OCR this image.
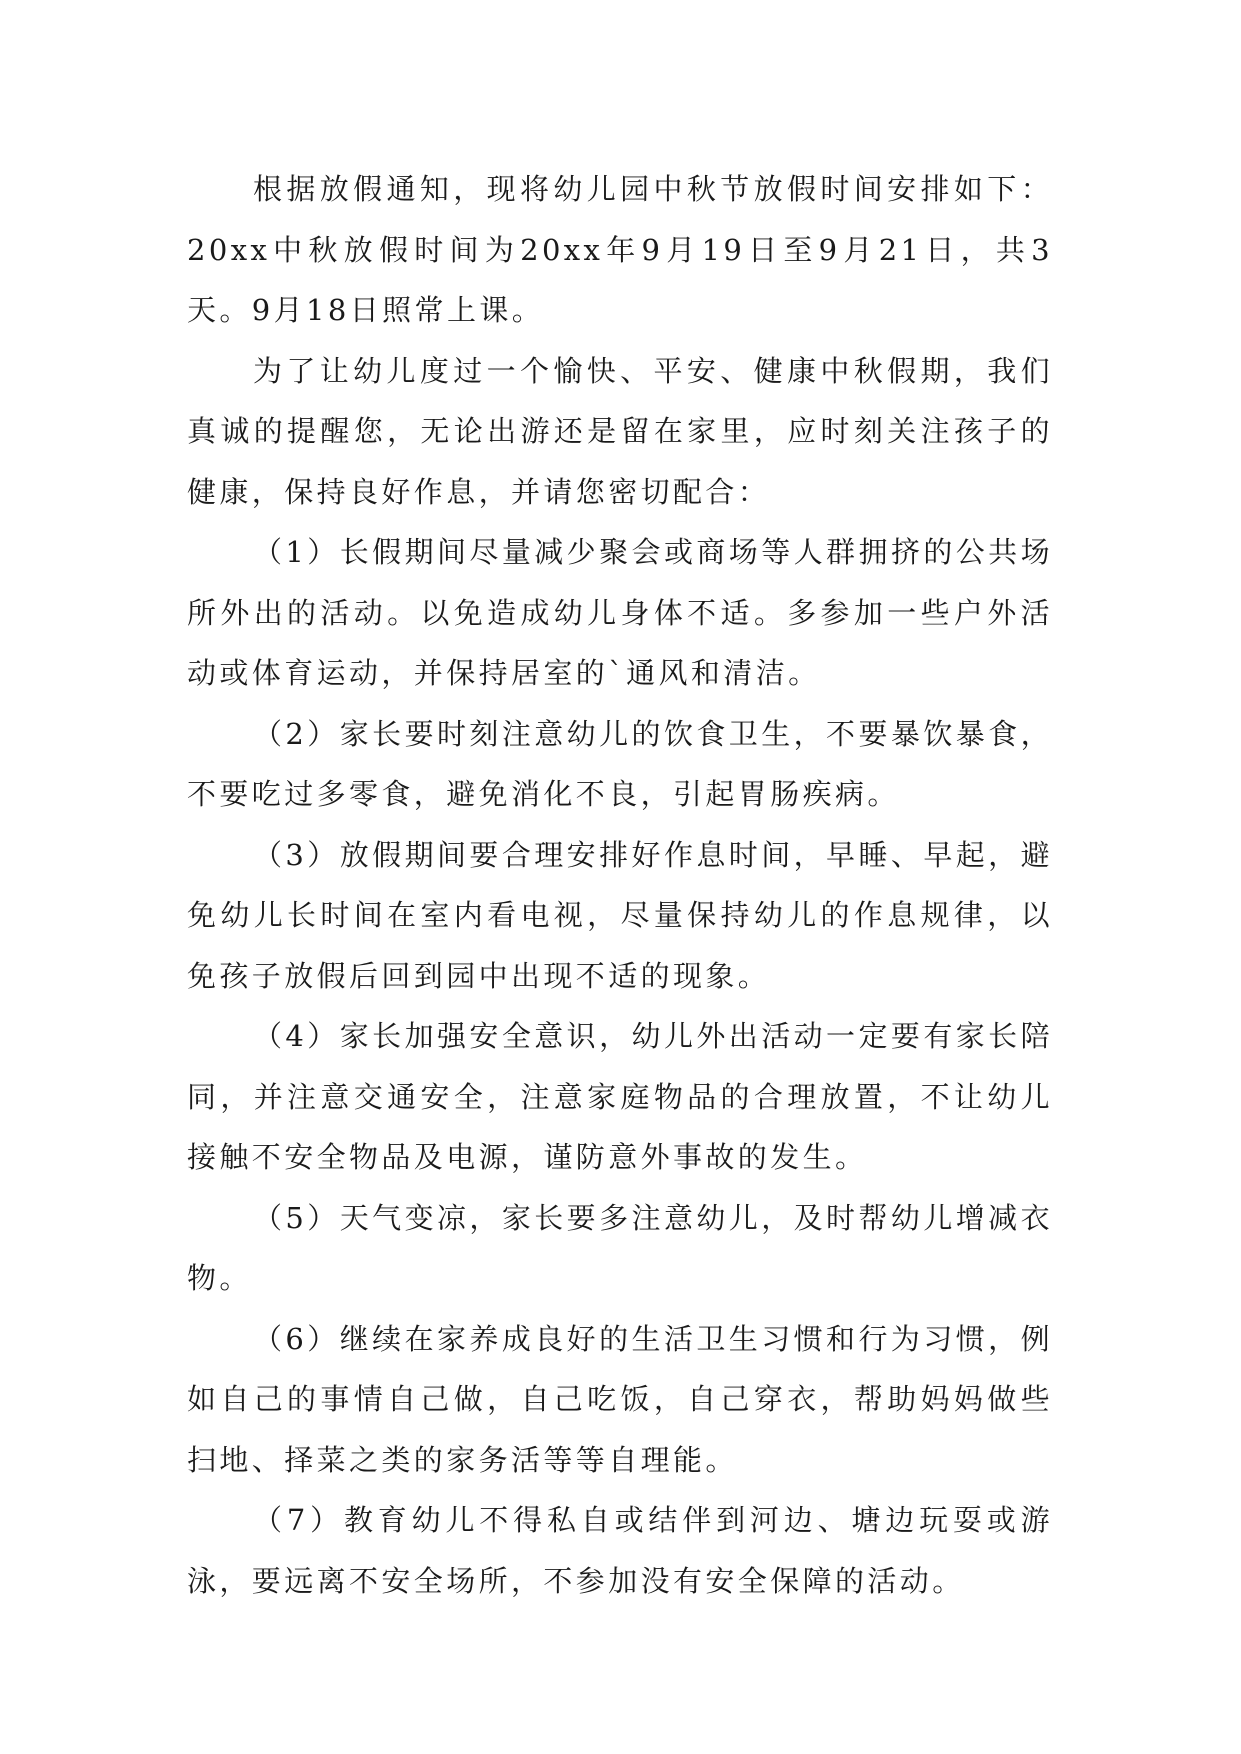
根据放假通知，现将幼儿园中秋节放假时间安排如下：20xx中秋放假时间为20xx年9月19日至9月21日，共3天。9月18日照常上课。

为了让幼儿度过一个愉快、平安、健康中秋假期，我们真诚的提醒您，无论出游还是留在家里，应时刻关注孩子的健康，保持良好作息，并请您密切配合：

（1）长假期间尽量减少聚会或商场等人群拥挤的公共场所外出的活动。以免造成幼儿身体不适。多参加一些户外活动或体育运动，并保持居室的`通风和清洁。

（2）家长要时刻注意幼儿的饮食卫生，不要暴饮暴食，不要吃过多零食，避免消化不良，引起胃肠疾病。

（3）放假期间要合理安排好作息时间，早睡、早起，避免幼儿长时间在室内看电视，尽量保持幼儿的作息规律，以免孩子放假后回到园中出现不适的现象。

（4）家长加强安全意识，幼儿外出活动一定要有家长陪同，并注意交通安全，注意家庭物品的合理放置，不让幼儿接触不安全物品及电源，谨防意外事故的发生。

（5）天气变凉，家长要多注意幼儿，及时帮幼儿增减衣物。

（6）继续在家养成良好的生活卫生习惯和行为习惯，例如自己的事情自己做，自己吃饭，自己穿衣，帮助妈妈做些扫地、择菜之类的家务活等等自理能。

（7）教育幼儿不得私自或结伴到河边、塘边玩耍或游泳，要远离不安全场所，不参加没有安全保障的活动。
